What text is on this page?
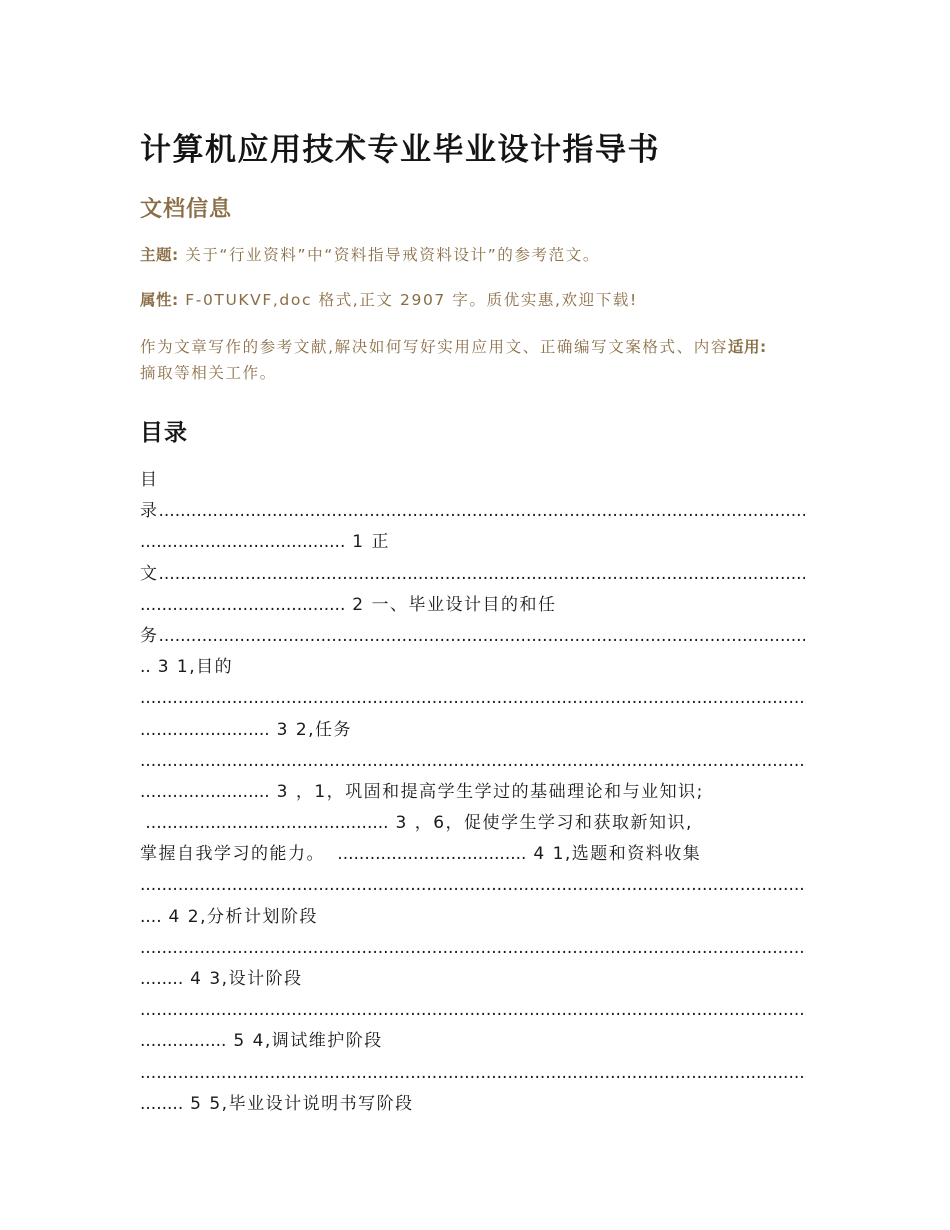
计算机应用技术专业毕业设计指导书
文档信息

主题: 关于“行业资料”中“资料指导戒资料设计”的参考范文。

属性: F-0TUKVF,doc 格式,正文 2907 字。质优实惠,欢迎下载!

作为文章写作的参考文献,解决如何写好实用应用文、正确编写文案格式、内容适用:
摘取等相关工作。

目录
目
录 .....
...................................... 1 正
文 .....
...................................... 2 一、毕业设计目的和任
务 .....
.. 3 1,目的
.....
........................ 3 2,任务
.....
........................ 3 ，1，巩固和提高学生学过的基础理论和与业知识;
............................................. 3 ，6，促使学生学习和获取新知识,
掌握自我学习的能力。  ................................... 4 1,选题和资料收集
.....
.... 4 2,分析计划阶段
.....
........ 4 3,设计阶段
.....
................ 5 4,调试维护阶段
.....
........ 5 5,毕业设计说明书写阶段
